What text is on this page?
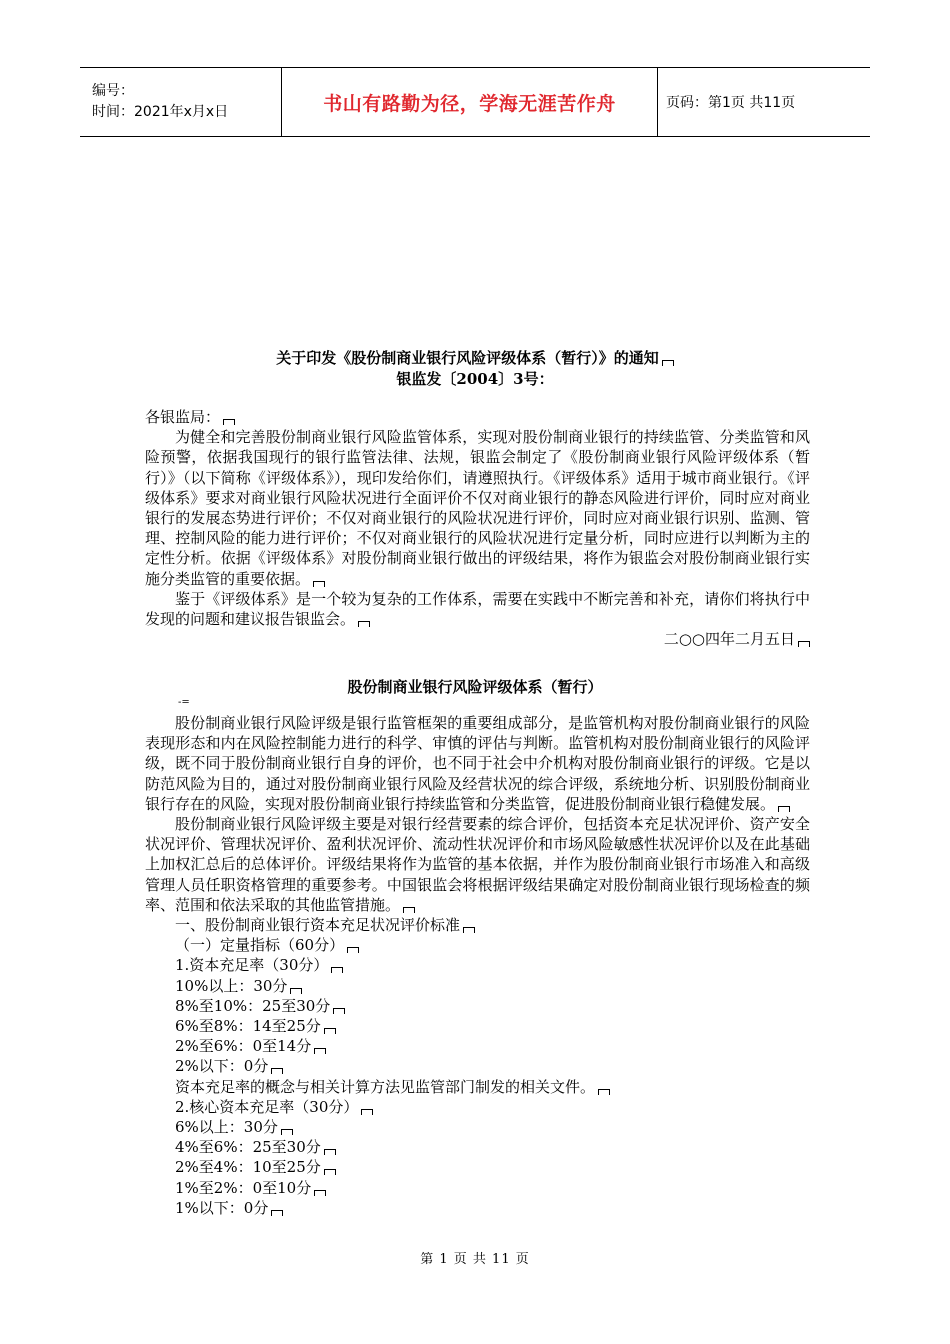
编号：
时间：2021年x月x日	书山有路勤为径，学海无涯苦作舟	页码：第1页 共11页
关于印发《股份制商业银行风险评级体系（暂行）》的通知
银监发〔2004〕3号：

各银监局：

为健全和完善股份制商业银行风险监管体系，实现对股份制商业银行的持续监管、分类监管和风险预警，依据我国现行的银行监管法律、法规，银监会制定了《股份制商业银行风险评级体系（暂行）》（以下简称《评级体系》），现印发给你们，请遵照执行。《评级体系》适用于城市商业银行。《评级体系》要求对商业银行风险状况进行全面评价不仅对商业银行的静态风险进行评价，同时应对商业银行的发展态势进行评价；不仅对商业银行的风险状况进行评价，同时应对商业银行识别、监测、管理、控制风险的能力进行评价；不仅对商业银行的风险状况进行定量分析，同时应进行以判断为主的定性分析。依据《评级体系》对股份制商业银行做出的评级结果，将作为银监会对股份制商业银行实施分类监管的重要依据。

鉴于《评级体系》是一个较为复杂的工作体系，需要在实践中不断完善和补充，请你们将执行中发现的问题和建议报告银监会。

二○○四年二月五日

股份制商业银行风险评级体系（暂行）
-=

股份制商业银行风险评级是银行监管框架的重要组成部分，是监管机构对股份制商业银行的风险表现形态和内在风险控制能力进行的科学、审慎的评估与判断。监管机构对股份制商业银行的风险评级，既不同于股份制商业银行自身的评价，也不同于社会中介机构对股份制商业银行的评级。它是以防范风险为目的，通过对股份制商业银行风险及经营状况的综合评级，系统地分析、识别股份制商业银行存在的风险，实现对股份制商业银行持续监管和分类监管，促进股份制商业银行稳健发展。

股份制商业银行风险评级主要是对银行经营要素的综合评价，包括资本充足状况评价、资产安全状况评价、管理状况评价、盈利状况评价、流动性状况评价和市场风险敏感性状况评价以及在此基础上加权汇总后的总体评价。评级结果将作为监管的基本依据，并作为股份制商业银行市场准入和高级管理人员任职资格管理的重要参考。中国银监会将根据评级结果确定对股份制商业银行现场检查的频率、范围和依法采取的其他监管措施。

一、股份制商业银行资本充足状况评价标准

（一）定量指标（60分）

1.资本充足率（30分）

10%以上：30分

8%至10%：25至30分

6%至8%：14至25分

2%至6%：0至14分

2%以下：0分

资本充足率的概念与相关计算方法见监管部门制发的相关文件。

2.核心资本充足率（30分）

6%以上：30分

4%至6%：25至30分

2%至4%：10至25分

1%至2%：0至10分

1%以下：0分

第 1 页 共 11 页
